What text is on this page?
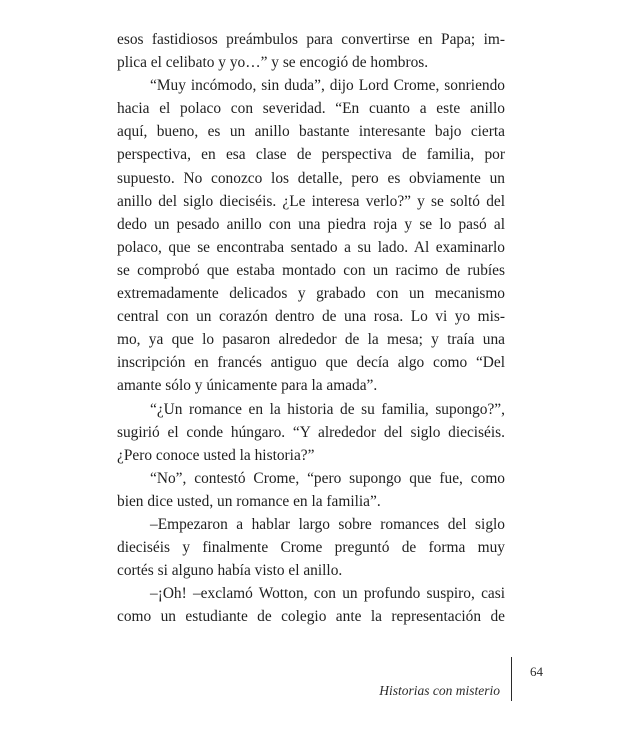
esos fastidiosos preámbulos para convertirse en Papa; im-
plica el celibato y yo…” y se encogió de hombros.
“Muy incómodo, sin duda”, dijo Lord Crome, sonriendo
hacia el polaco con severidad. “En cuanto a este anillo
aquí, bueno, es un anillo bastante interesante bajo cierta
perspectiva, en esa clase de perspectiva de familia, por
supuesto. No conozco los detalle, pero es obviamente un
anillo del siglo dieciséis. ¿Le interesa verlo?” y se soltó del
dedo un pesado anillo con una piedra roja y se lo pasó al
polaco, que se encontraba sentado a su lado. Al examinarlo
se comprobó que estaba montado con un racimo de rubíes
extremadamente delicados y grabado con un mecanismo
central con un corazón dentro de una rosa. Lo vi yo mis-
mo, ya que lo pasaron alrededor de la mesa; y traía una
inscripción en francés antiguo que decía algo como “Del
amante sólo y únicamente para la amada”.
“¿Un romance en la historia de su familia, supongo?”,
sugirió el conde húngaro. “Y alrededor del siglo dieciséis.
¿Pero conoce usted la historia?”
“No”, contestó Crome, “pero supongo que fue, como
bien dice usted, un romance en la familia”.
–Empezaron a hablar largo sobre romances del siglo
dieciséis y finalmente Crome preguntó de forma muy
cortés si alguno había visto el anillo.
–¡Oh! –exclamó Wotton, con un profundo suspiro, casi
como un estudiante de colegio ante la representación de
64
Historias con misterio
